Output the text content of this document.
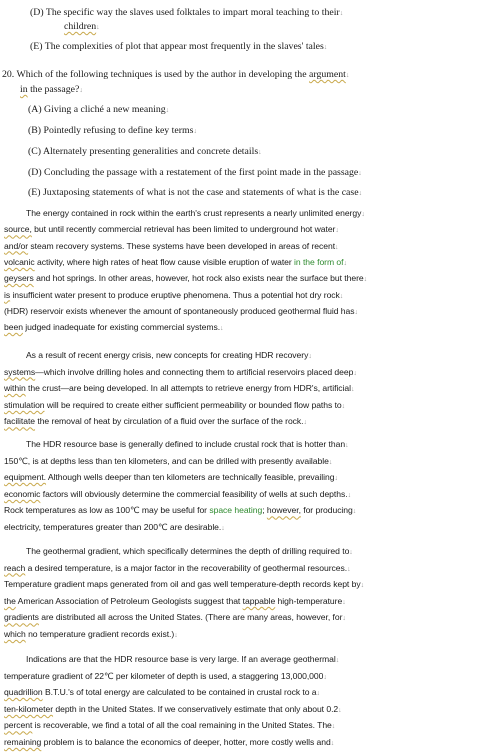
(D) The specific way the slaves used folktales to impart moral teaching to their↓
children↓
(E) The complexities of plot that appear most frequently in the slaves' tales↓
20. Which of the following techniques is used by the author in developing the argument↓
in the passage?↓
(A) Giving a cliché a new meaning↓
(B) Pointedly refusing to define key terms↓
(C) Alternately presenting generalities and concrete details↓
(D) Concluding the passage with a restatement of the first point made in the passage↓
(E) Juxtaposing statements of what is not the case and statements of what is the case↓
The energy contained in rock within the earth's crust represents a nearly unlimited energy↓
source, but until recently commercial retrieval has been limited to underground hot water↓
and/or steam recovery systems. These systems have been developed in areas of recent↓
volcanic activity, where high rates of heat flow cause visible eruption of water in the form of↓
geysers and hot springs. In other areas, however, hot rock also exists near the surface but there↓
is insufficient water present to produce eruptive phenomena. Thus a potential hot dry rock↓
(HDR) reservoir exists whenever the amount of spontaneously produced geothermal fluid has↓
been judged inadequate for existing commercial systems.↓
As a result of recent energy crisis, new concepts for creating HDR recovery↓
systems—which involve drilling holes and connecting them to artificial reservoirs placed deep↓
within the crust—are being developed. In all attempts to retrieve energy from HDR's, artificial↓
stimulation will be required to create either sufficient permeability or bounded flow paths to↓
facilitate the removal of heat by circulation of a fluid over the surface of the rock.↓
The HDR resource base is generally defined to include crustal rock that is hotter than↓
150℃, is at depths less than ten kilometers, and can be drilled with presently available↓
equipment. Although wells deeper than ten kilometers are technically feasible, prevailing↓
economic factors will obviously determine the commercial feasibility of wells at such depths.↓
Rock temperatures as low as 100℃ may be useful for space heating; however, for producing↓
electricity, temperatures greater than 200℃ are desirable.↓
The geothermal gradient, which specifically determines the depth of drilling required to↓
reach a desired temperature, is a major factor in the recoverability of geothermal resources.↓
Temperature gradient maps generated from oil and gas well temperature-depth records kept by↓
the American Association of Petroleum Geologists suggest that tappable high-temperature↓
gradients are distributed all across the United States. (There are many areas, however, for↓
which no temperature gradient records exist.)↓
Indications are that the HDR resource base is very large. If an average geothermal↓
temperature gradient of 22℃ per kilometer of depth is used, a staggering 13,000,000↓
quadrillion B.T.U.'s of total energy are calculated to be contained in crustal rock to a↓
ten-kilometer depth in the United States. If we conservatively estimate that only about 0.2↓
percent is recoverable, we find a total of all the coal remaining in the United States. The↓
remaining problem is to balance the economics of deeper, hotter, more costly wells and↓
